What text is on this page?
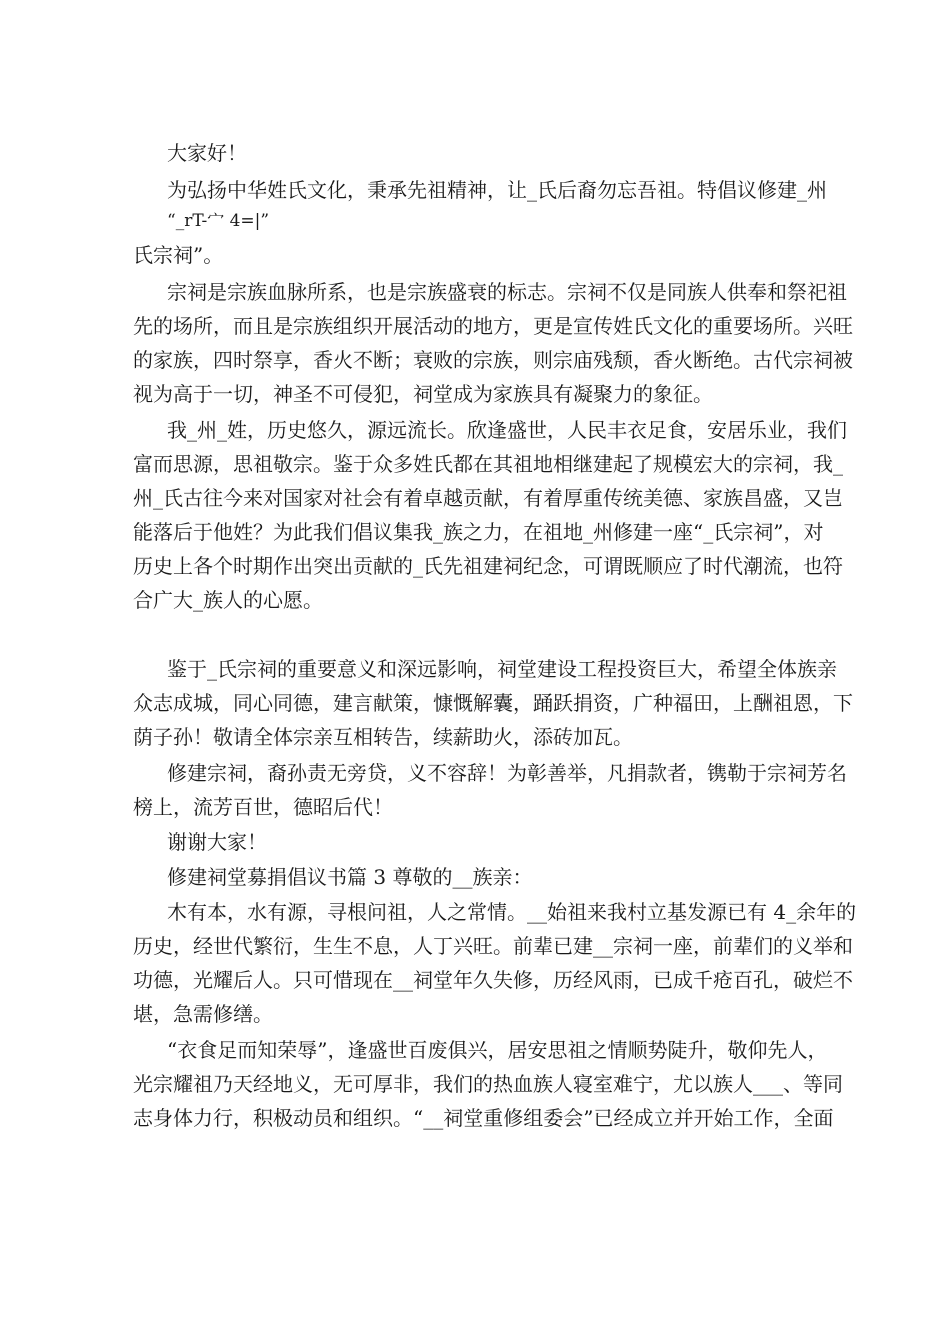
大家好！
为弘扬中华姓氏文化，秉承先祖精神，让_氏后裔勿忘吾祖。特倡议修建_州
“_rT-宀 4=|”
氏宗祠”。
宗祠是宗族血脉所系，也是宗族盛衰的标志。宗祠不仅是同族人供奉和祭祀祖
先的场所，而且是宗族组织开展活动的地方，更是宣传姓氏文化的重要场所。兴旺
的家族，四时祭享，香火不断；衰败的宗族，则宗庙残颓，香火断绝。古代宗祠被
视为高于一切，神圣不可侵犯，祠堂成为家族具有凝聚力的象征。
我_州_姓，历史悠久，源远流长。欣逢盛世，人民丰衣足食，安居乐业，我们
富而思源，思祖敬宗。鉴于众多姓氏都在其祖地相继建起了规模宏大的宗祠，我_
州_氏古往今来对国家对社会有着卓越贡献，有着厚重传统美德、家族昌盛，又岂
能落后于他姓？为此我们倡议集我_族之力，在祖地_州修建一座“_氏宗祠”，对
历史上各个时期作出突出贡献的_氏先祖建祠纪念，可谓既顺应了时代潮流，也符
合广大_族人的心愿。
鉴于_氏宗祠的重要意义和深远影响，祠堂建设工程投资巨大，希望全体族亲
众志成城，同心同德，建言献策，慷慨解囊，踊跃捐资，广种福田，上酬祖恩，下
荫子孙！敬请全体宗亲互相转告，续薪助火，添砖加瓦。
修建宗祠，裔孙责无旁贷，义不容辞！为彰善举，凡捐款者，镌勒于宗祠芳名
榜上，流芳百世，德昭后代！
谢谢大家！
修建祠堂募捐倡议书篇 3 尊敬的__族亲：
木有本，水有源，寻根问祖，人之常情。__始祖来我村立基发源已有 4_余年的
历史，经世代繁衍，生生不息，人丁兴旺。前辈已建__宗祠一座，前辈们的义举和
功德，光耀后人。只可惜现在__祠堂年久失修，历经风雨，已成千疮百孔，破烂不
堪，急需修缮。
“衣食足而知荣辱”，逢盛世百废俱兴，居安思祖之情顺势陡升，敬仰先人，
光宗耀祖乃天经地义，无可厚非，我们的热血族人寝室难宁，尤以族人___、等同
志身体力行，积极动员和组织。“__祠堂重修组委会”已经成立并开始工作，全面
